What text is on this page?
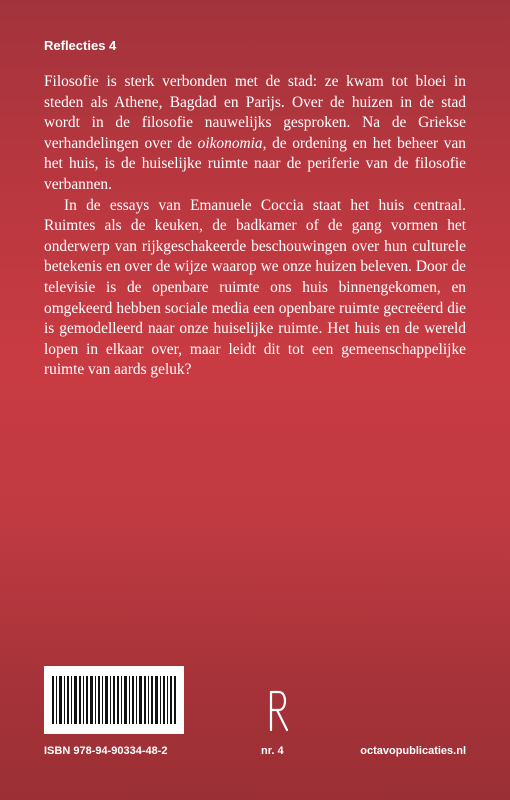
Reflecties 4

Filosofie is sterk verbonden met de stad: ze kwam tot bloei in steden als Athene, Bagdad en Parijs. Over de huizen in de stad wordt in de filosofie nauwelijks gesproken. Na de Griekse verhandelingen over de oikonomia, de ordening en het beheer van het huis, is de huiselijke ruimte naar de periferie van de filosofie verbannen.

In de essays van Emanuele Coccia staat het huis centraal. Ruimtes als de keuken, de badkamer of de gang vormen het onderwerp van rijkgeschakeerde beschouwingen over hun culturele betekenis en over de wijze waarop we onze huizen beleven. Door de televisie is de openbare ruimte ons huis binnengekomen, en omgekeerd hebben sociale media een openbare ruimte gecreëerd die is gemodelleerd naar onze huiselijke ruimte. Het huis en de wereld lopen in elkaar over, maar leidt dit tot een gemeenschappelijke ruimte van aards geluk?

ISBN 978-94-90334-48-2	nr. 4	octavopublicaties.nl
